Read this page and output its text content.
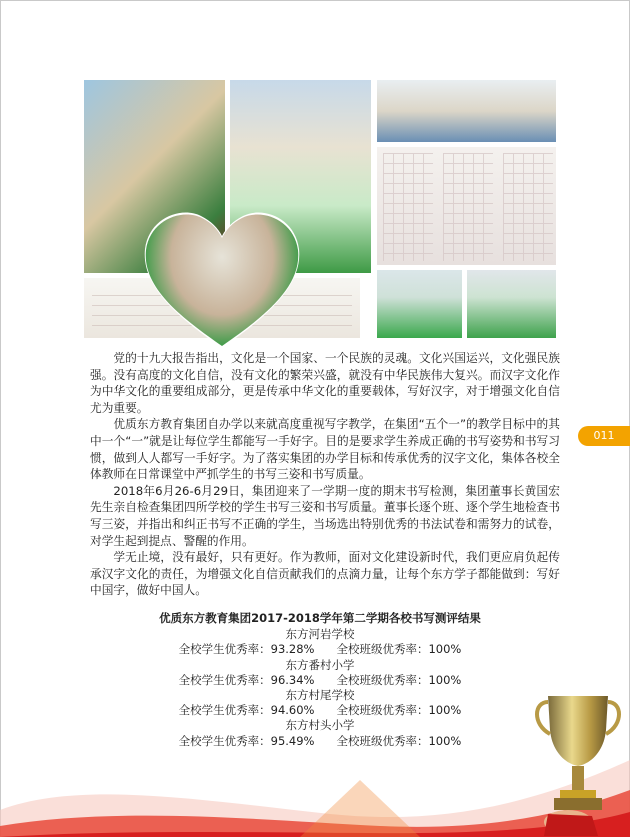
011

党的十九大报告指出，文化是一个国家、一个民族的灵魂。文化兴国运兴，文化强民族强。没有高度的文化自信，没有文化的繁荣兴盛，就没有中华民族伟大复兴。而汉字文化作为中华文化的重要组成部分，更是传承中华文化的重要载体，写好汉字，对于增强文化自信尤为重要。

优质东方教育集团自办学以来就高度重视写字教学，在集团“五个一”的教学目标中的其中一个“一”就是让每位学生都能写一手好字。目的是要求学生养成正确的书写姿势和书写习惯，做到人人都写一手好字。为了落实集团的办学目标和传承优秀的汉字文化，集体各校全体教师在日常课堂中严抓学生的书写三姿和书写质量。

2018年6月26-6月29日，集团迎来了一学期一度的期末书写检测，集团董事长黄国宏先生亲自检查集团四所学校的学生书写三姿和书写质量。董事长逐个班、逐个学生地检查书写三姿，并指出和纠正书写不正确的学生，当场选出特别优秀的书法试卷和需努力的试卷，对学生起到提点、警醒的作用。

学无止境，没有最好，只有更好。作为教师，面对文化建设新时代，我们更应肩负起传承汉字文化的责任，为增强文化自信贡献我们的点滴力量，让每个东方学子都能做到：写好中国字，做好中国人。

优质东方教育集团2017-2018学年第二学期各校书写测评结果
东方河岩学校
全校学生优秀率：93.28% 全校班级优秀率：100%
东方番村小学
全校学生优秀率：96.34% 全校班级优秀率：100%
东方村尾学校
全校学生优秀率：94.60% 全校班级优秀率：100%
东方村头小学
全校学生优秀率：95.49% 全校班级优秀率：100%
